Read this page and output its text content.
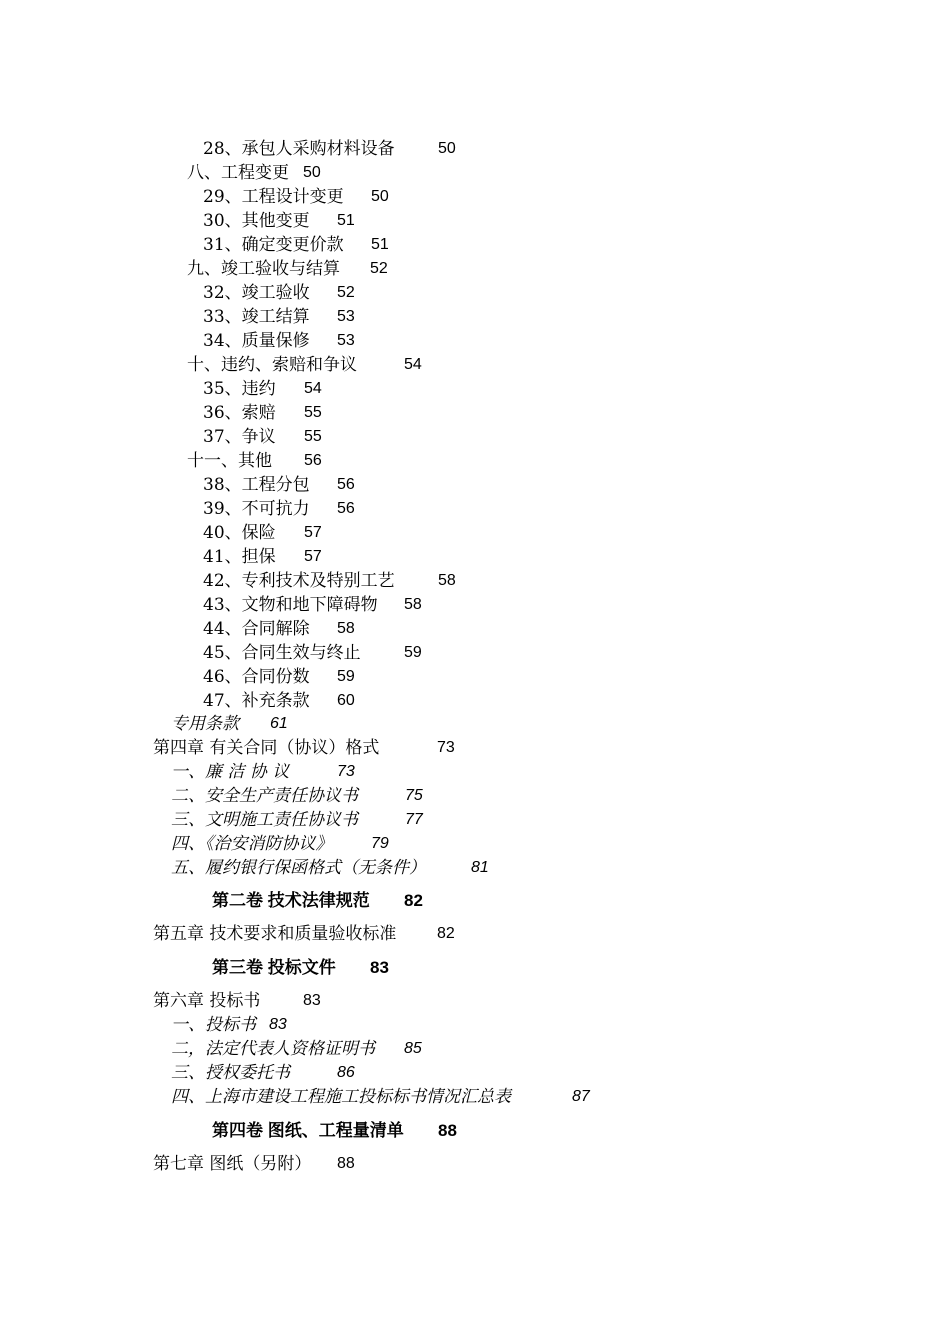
28、承包人采购材料设备	50
八、工程变更 50
29、工程设计变更 50
30、其他变更 51
31、确定变更价款 51
九、竣工验收与结算 52
32、竣工验收 52
33、竣工结算 53
34、质量保修 53
十、违约、索赔和争议	54
35、违约 54
36、索赔 55
37、争议 55
十一、其他 56
38、工程分包 56
39、不可抗力 56
40、保险 57
41、担保 57
42、专利技术及特别工艺	58
43、文物和地下障碍物 58
44、合同解除 58
45、合同生效与终止	59
46、合同份数 59
47、补充条款 60
专用条款 61
第四章 有关合同（协议）格式	73
一、廉 洁 协 议	73
二、安全生产责任协议书	75
三、文明施工责任协议书	77
四、《治安消防协议》 79
五、履约银行保函格式（无条件）	81
第二卷 技术法律规范 82
第五章 技术要求和质量验收标准	82
第三卷 投标文件 83
第六章 投标书	83
一、投标书 83
二，法定代表人资格证明书 85
三、授权委托书	86
四、上海市建设工程施工投标标书情况汇总表	87
第四卷 图纸、工程量清单 88
第七章 图纸（另附） 88
